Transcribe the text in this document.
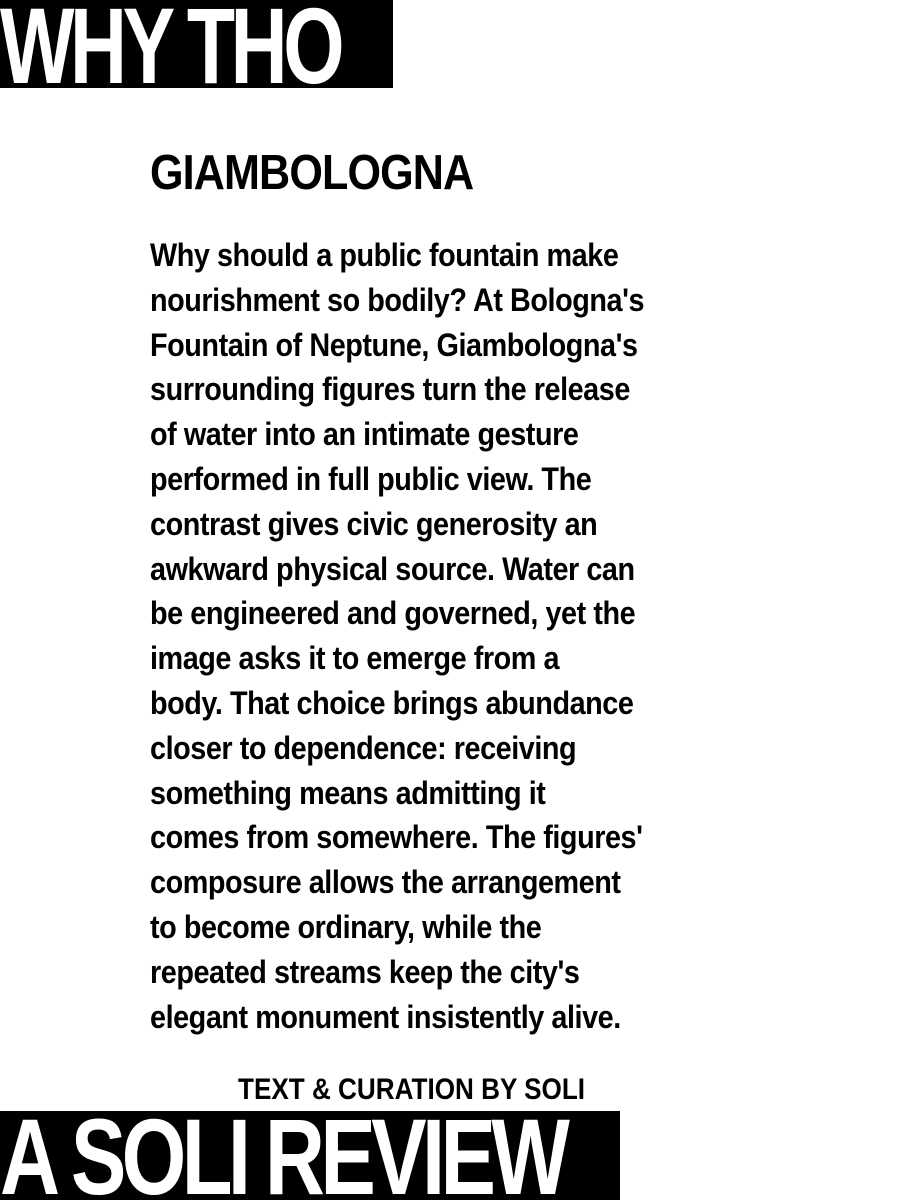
WHY THO
GIAMBOLOGNA
Why should a public fountain make
nourishment so bodily? At Bologna's
Fountain of Neptune, Giambologna's
surrounding figures turn the release
of water into an intimate gesture
performed in full public view. The
contrast gives civic generosity an
awkward physical source. Water can
be engineered and governed, yet the
image asks it to emerge from a
body. That choice brings abundance
closer to dependence: receiving
something means admitting it
comes from somewhere. The figures'
composure allows the arrangement
to become ordinary, while the
repeated streams keep the city's
elegant monument insistently alive.
TEXT & CURATION BY SOLI
A SOLI REVIEW
